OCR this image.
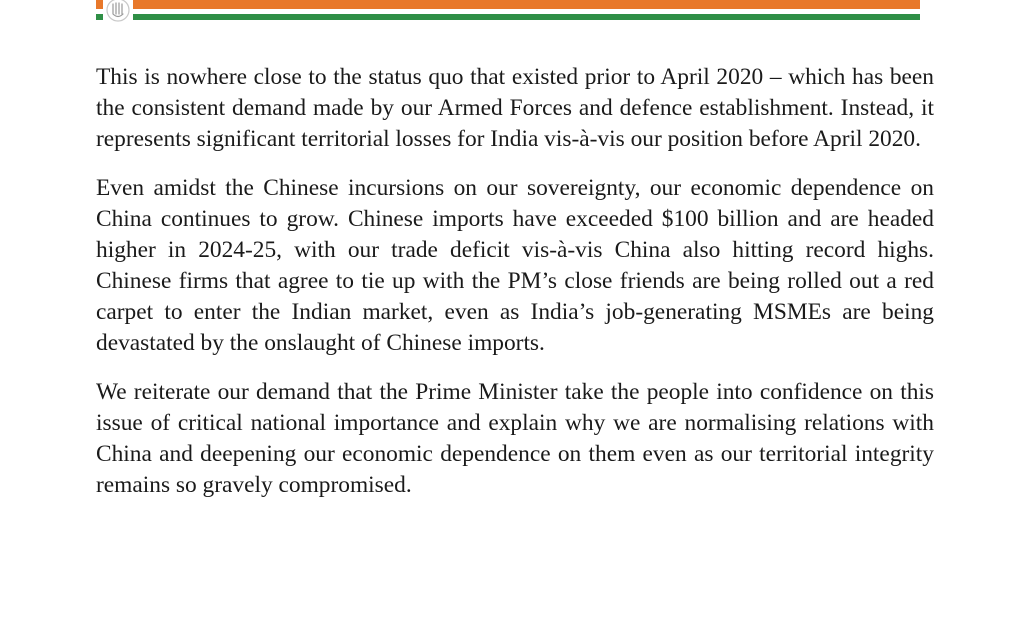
This is nowhere close to the status quo that existed prior to April 2020 – which has been the consistent demand made by our Armed Forces and defence establishment. Instead, it represents significant territorial losses for India vis-à-vis our position before April 2020.

Even amidst the Chinese incursions on our sovereignty, our economic dependence on China continues to grow. Chinese imports have exceeded $100 billion and are headed higher in 2024-25, with our trade deficit vis-à-vis China also hitting record highs. Chinese firms that agree to tie up with the PM’s close friends are being rolled out a red carpet to enter the Indian market, even as India’s job-generating MSMEs are being devastated by the onslaught of Chinese imports.

We reiterate our demand that the Prime Minister take the people into confidence on this issue of critical national importance and explain why we are normalising relations with China and deepening our economic dependence on them even as our territorial integrity remains so gravely compromised.
